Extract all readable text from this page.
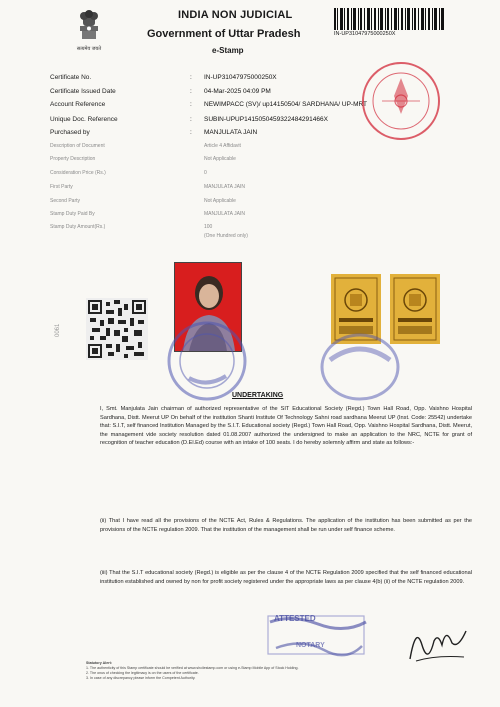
सत्यमेव जयते
INDIA NON JUDICIAL
Government of Uttar Pradesh
e-Stamp
IN-UP31047975000250X
Certificate No.	: IN-UP31047975000250X
Certificate Issued Date	: 04-Mar-2025 04:09 PM
Account Reference	: NEWIMPACC (SV)/ up14150504/ SARDHANA/ UP-MRT
Unique Doc. Reference	: SUBIN-UPUP14150504593224842914​66X
Purchased by	: MANJULATA JAIN
Description of Document	Article 4 Affidavit
Property Description	Not Applicable
Consideration Price (Rs.)	0
First Party	MANJULATA JAIN
Second Party	Not Applicable
Stamp Duty Paid By	MANJULATA JAIN
Stamp Duty Amount(Rs.)	100
(One Hundred only)
0061
UNDERTAKING
I, Smt. Manjulata Jain chairman of authorized representative of the SIT Educational Society (Regd.) Town Hall Road, Opp. Vaishno Hospital Sardhana, Distt. Meerut UP On behalf of the institution Shanti Institute Of Technology Sahni road sardhana Meerut UP (Inst. Code: 25542) undertake that: S.I.T, self financed Institution Managed by the S.I.T. Educational society (Regd.) Town Hall Road, Opp. Vaishno Hospital Sardhana, Distt. Meerut, the management vide society resolution dated 01.08.2007 authorized the undersigned to make an application to the NRC, NCTE for grant of recognition of teacher education (D.El.Ed) course with an intake of 100 seats. I do hereby solemnly affirm and state as follows:-
(ii) That I have read all the provisions of the NCTE Act, Rules & Regulations. The application of the institution has been submitted as per the provisions of the NCTE regulation 2009. That the institution of the management shall be run under self finance scheme.
(iii) That the S.I.T educational society (Regd.) is eligible as per the clause 4 of the NCTE Regulation 2009 specified that the self financed educational institution established and owned by non for profit society registered under the appropriate laws as per clause 4(b) (ii) of the NCTE regulation 2009.
ATTESTED
NOTARY
Statutory Alert:
1. The authenticity of this Stamp certificate should be verified at www.shcilestamp.com or using e-Stamp Mobile App of Stock Holding.
2. The onus of checking the legitimacy is on the users of the certificate.
3. In case of any discrepancy please inform the Competent Authority.
